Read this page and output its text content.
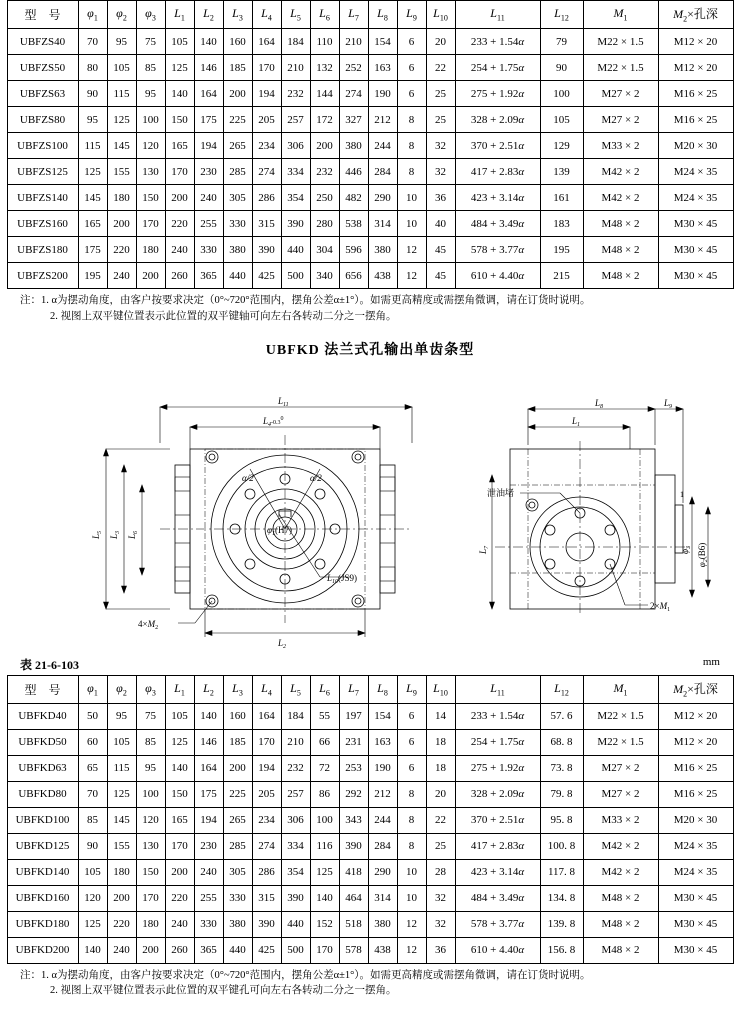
型　号	$\varphi_1$	$\varphi_2$	$\varphi_3$	$L_1$	$L_2$	$L_3$	$L_4$	$L_5$	$L_6$	$L_7$	$L_8$	$L_9$	$L_{10}$	$L_{11}$	$L_{12}$	$M_1$	$M_2\times$孔深
UBFZS40	70	95	75	105	140	160	164	184	110	210	154	6	20	233 + 1.54α	79	M22 × 1.5	M12 × 20
UBFZS50	80	105	85	125	146	185	170	210	132	252	163	6	22	254 + 1.75α	90	M22 × 1.5	M12 × 20
UBFZS63	90	115	95	140	164	200	194	232	144	274	190	6	25	275 + 1.92α	100	M27 × 2	M16 × 25
UBFZS80	95	125	100	150	175	225	205	257	172	327	212	8	25	328 + 2.09α	105	M27 × 2	M16 × 25
UBFZS100	115	145	120	165	194	265	234	306	200	380	244	8	32	370 + 2.51α	129	M33 × 2	M20 × 30
UBFZS125	125	155	130	170	230	285	274	334	232	446	284	8	32	417 + 2.83α	139	M42 × 2	M24 × 35
UBFZS140	145	180	150	200	240	305	286	354	250	482	290	10	36	423 + 3.14α	161	M42 × 2	M24 × 35
UBFZS160	165	200	170	220	255	330	315	390	280	538	314	10	40	484 + 3.49α	183	M48 × 2	M30 × 45
UBFZS180	175	220	180	240	330	380	390	440	304	596	380	12	45	578 + 3.77α	195	M48 × 2	M30 × 45
UBFZS200	195	240	200	260	365	440	425	500	340	656	438	12	45	610 + 4.40α	215	M48 × 2	M30 × 45
注：1. α为摆动角度，由客户按要求决定（0°~720°范围内，摆角公差α±1°）。如需更高精度或需摆角微调，请在订货时说明。
2. 视图上双平键位置表示此位置的双平键轴可向左右各转动二分之一摆角。
UBFKD 法兰式孔输出单齿条型
$L_{11}$
$L_4^{-0.30}$
$L_5$
$L_3$
$L_6$
$L_2$
$L_{10}(JS9)$
$\varphi_1(H7)$
α/2	α/2
$4\times M_2$
$L_8$	$L_9$
$L_1$
$L_7$
$\varphi_3$
$\varphi_2(B6)$
1
泄油堵
$2\times M_1$
表 21-6-103	mm
型　号	$\varphi_1$	$\varphi_2$	$\varphi_3$	$L_1$	$L_2$	$L_3$	$L_4$	$L_5$	$L_6$	$L_7$	$L_8$	$L_9$	$L_{10}$	$L_{11}$	$L_{12}$	$M_1$	$M_2\times$孔深
UBFKD40	50	95	75	105	140	160	164	184	55	197	154	6	14	233 + 1.54α	57. 6	M22 × 1.5	M12 × 20
UBFKD50	60	105	85	125	146	185	170	210	66	231	163	6	18	254 + 1.75α	68. 8	M22 × 1.5	M12 × 20
UBFKD63	65	115	95	140	164	200	194	232	72	253	190	6	18	275 + 1.92α	73. 8	M27 × 2	M16 × 25
UBFKD80	70	125	100	150	175	225	205	257	86	292	212	8	20	328 + 2.09α	79. 8	M27 × 2	M16 × 25
UBFKD100	85	145	120	165	194	265	234	306	100	343	244	8	22	370 + 2.51α	95. 8	M33 × 2	M20 × 30
UBFKD125	90	155	130	170	230	285	274	334	116	390	284	8	25	417 + 2.83α	100. 8	M42 × 2	M24 × 35
UBFKD140	105	180	150	200	240	305	286	354	125	418	290	10	28	423 + 3.14α	117. 8	M42 × 2	M24 × 35
UBFKD160	120	200	170	220	255	330	315	390	140	464	314	10	32	484 + 3.49α	134. 8	M48 × 2	M30 × 45
UBFKD180	125	220	180	240	330	380	390	440	152	518	380	12	32	578 + 3.77α	139. 8	M48 × 2	M30 × 45
UBFKD200	140	240	200	260	365	440	425	500	170	578	438	12	36	610 + 4.40α	156. 8	M48 × 2	M30 × 45
注：1. α为摆动角度，由客户按要求决定（0°~720°范围内，摆角公差α±1°）。如需更高精度或需摆角微调，请在订货时说明。
2. 视图上双平键位置表示此位置的双平键孔可向左右各转动二分之一摆角。
